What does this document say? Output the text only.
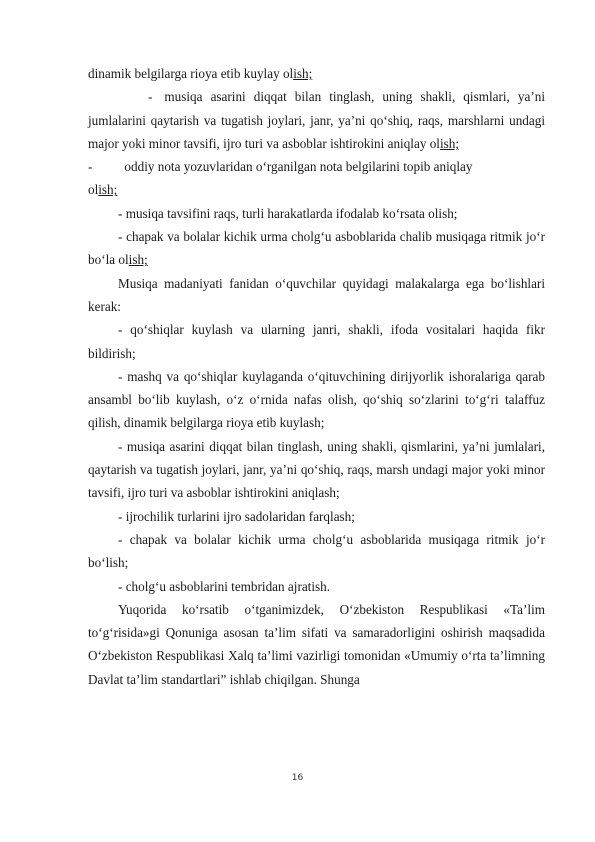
dinamik belgilarga rioya etib kuylay olish;

- musiqa asarini diqqat bilan tinglash, uning shakli, qismlari, ya’ni jumlalarini qaytarish va tugatish joylari, janr, ya’ni qo‘shiq, raqs, marshlarni undagi major yoki minor tavsifi, ijro turi va asboblar ishtirokini aniqlay olish;

- oddiy nota yozuvlaridan o‘rganilgan nota belgilarini topib aniqlay
olish;

- musiqa tavsifini raqs, turli harakatlarda ifodalab ko‘rsata olish;

- chapak va bolalar kichik urma cholg‘u asboblarida chalib musiqaga ritmik jo‘r bo‘la olish;

Musiqa madaniyati fanidan o‘quvchilar quyidagi malakalarga ega bo‘lishlari kerak:

- qo‘shiqlar kuylash va ularning janri, shakli, ifoda vositalari haqida fikr bildirish;

- mashq va qo‘shiqlar kuylaganda o‘qituvchining dirijyorlik ishoralariga qarab ansambl bo‘lib kuylash, o‘z o‘rnida nafas olish, qo‘shiq so‘zlarini to‘g‘ri talaffuz qilish, dinamik belgilarga rioya etib kuylash;

- musiqa asarini diqqat bilan tinglash, uning shakli, qismlarini, ya’ni jumlalari, qaytarish va tugatish joylari, janr, ya’ni qo‘shiq, raqs, marsh undagi major yoki minor tavsifi, ijro turi va asboblar ishtirokini aniqlash;

- ijrochilik turlarini ijro sadolaridan farqlash;

- chapak va bolalar kichik urma cholg‘u asboblarida musiqaga ritmik jo‘r bo‘lish;

- cholg‘u asboblarini tembridan ajratish.

Yuqorida ko‘rsatib o‘tganimizdek, O‘zbekiston Respublikasi «Ta’lim to‘g‘risida»gi Qonuniga asosan ta’lim sifati va samaradorligini oshirish maqsadida O‘zbekiston Respublikasi Xalq ta’limi vazirligi tomonidan «Umumiy o‘rta ta’limning Davlat ta’lim standartlari” ishlab chiqilgan. Shunga

16
